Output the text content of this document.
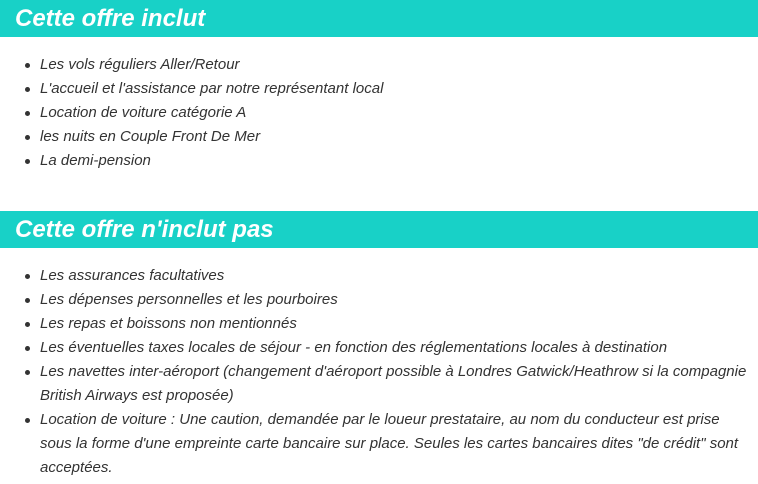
Cette offre inclut
Les vols réguliers Aller/Retour
L'accueil et l'assistance par notre représentant local
Location de voiture catégorie A
les nuits en Couple Front De Mer
La demi-pension
Cette offre n'inclut pas
Les assurances facultatives
Les dépenses personnelles et les pourboires
Les repas et boissons non mentionnés
Les éventuelles taxes locales de séjour - en fonction des réglementations locales à destination
Les navettes inter-aéroport (changement d'aéroport possible à Londres Gatwick/Heathrow si la compagnie British Airways est proposée)
Location de voiture : Une caution, demandée par le loueur prestataire, au nom du conducteur est prise sous la forme d'une empreinte carte bancaire sur place. Seules les cartes bancaires dites "de crédit" sont acceptées.
